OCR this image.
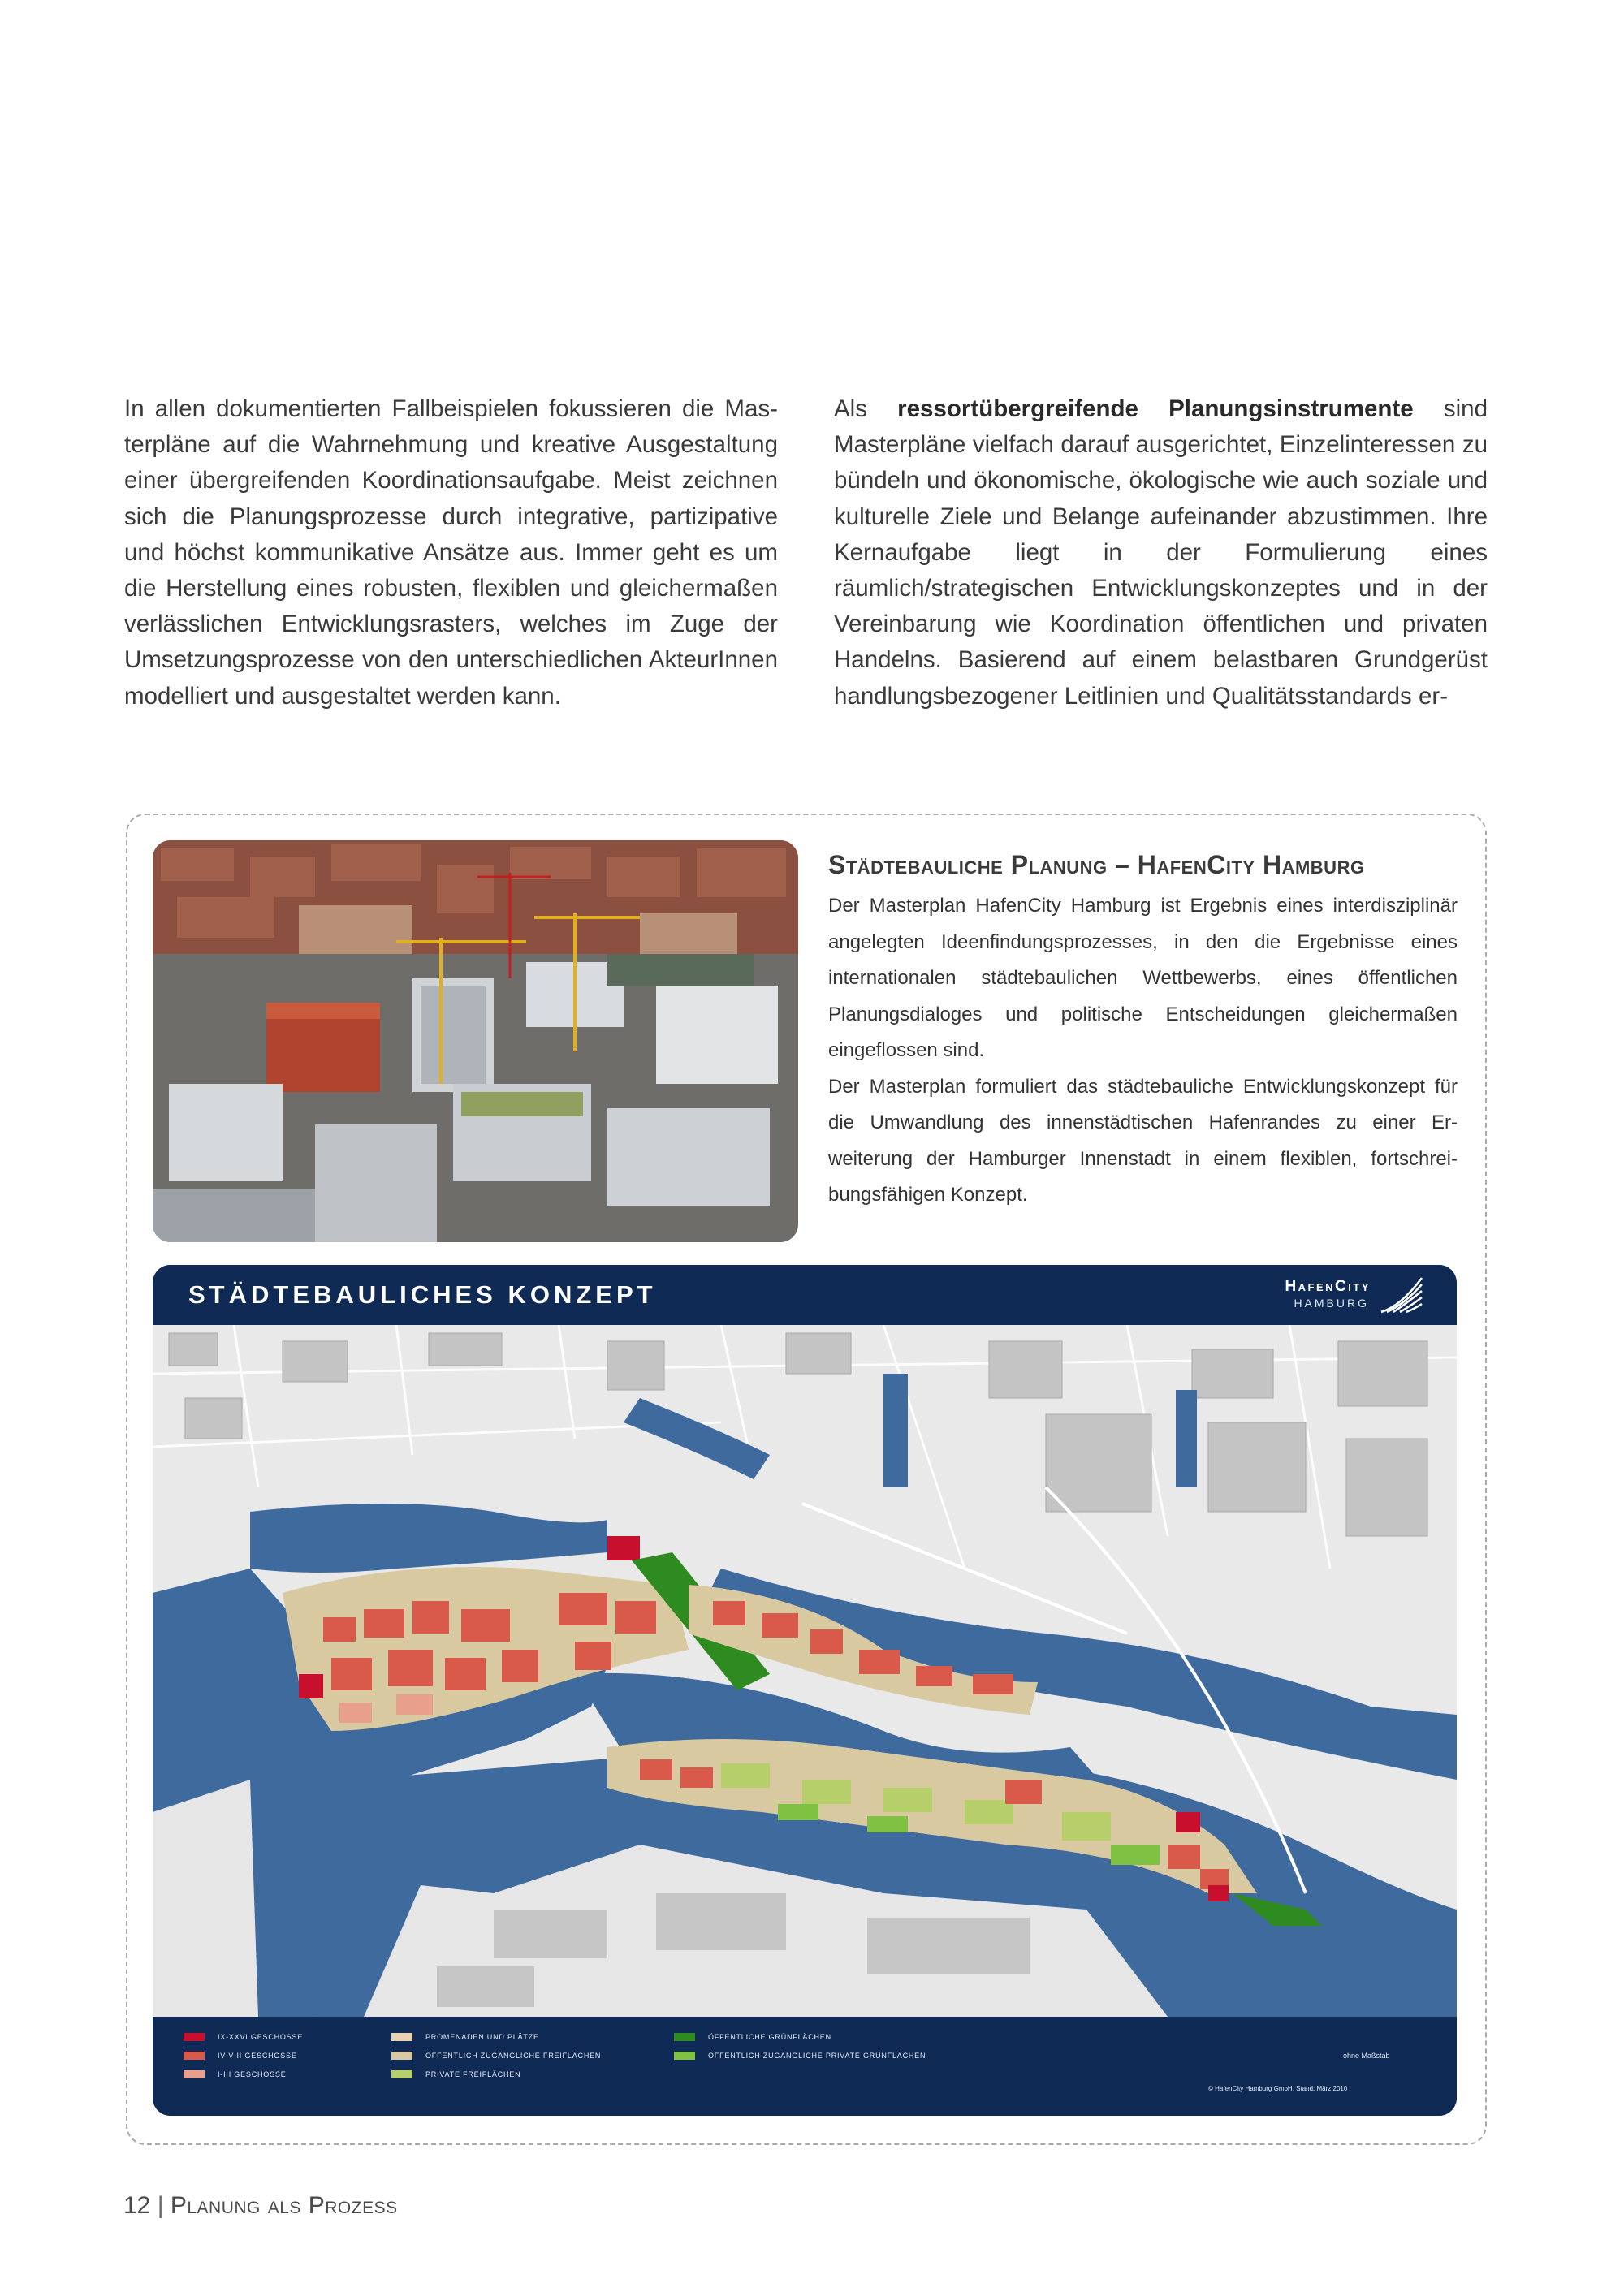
In allen dokumentierten Fallbeispielen fokussieren die Masterpläne auf die Wahrnehmung und kreative Ausgestaltung einer übergreifenden Koordinationsaufgabe. Meist zeichnen sich die Planungsprozesse durch integrative, partizipative und höchst kommunikative Ansätze aus. Immer geht es um die Herstellung eines robusten, flexiblen und gleichermaßen verlässlichen Entwicklungsrasters, welches im Zuge der Umsetzungsprozesse von den unterschiedlichen AkteurInnen modelliert und ausgestaltet werden kann.

Als ressortübergreifende Planungsinstrumente sind Masterpläne vielfach darauf ausgerichtet, Einzelinteressen zu bündeln und ökonomische, ökologische wie auch soziale und kulturelle Ziele und Belange aufeinander abzustimmen. Ihre Kernaufgabe liegt in der Formulierung eines räumlich/strategischen Entwicklungskonzeptes und in der Vereinbarung wie Koordination öffentlichen und privaten Handelns. Basierend auf einem belastbaren Grundgerüst handlungsbezogener Leitlinien und Qualitätsstandards er-

Städtebauliche Planung – HafenCity Hamburg

Der Masterplan HafenCity Hamburg ist Ergebnis eines interdisziplinär angelegten Ideenfindungsprozesses, in den die Ergebnisse eines internationalen städtebaulichen Wettbewerbs, eines öffentlichen Planungsdialoges und politische Entscheidungen gleichermaßen eingeflossen sind.

Der Masterplan formuliert das städtebauliche Entwicklungskonzept für die Umwandlung des innenstädtischen Hafenrandes zu einer Erweiterung der Hamburger Innenstadt in einem flexiblen, fortschreibungsfähigen Konzept.

STÄDTEBAULICHES KONZEPT	HafenCity
HAMBURG
IX-XXVI GESCHOSSE
IV-VIII GESCHOSSE
I-III GESCHOSSE
PROMENADEN UND PLÄTZE
ÖFFENTLICH ZUGÄNGLICHE FREIFLÄCHEN
PRIVATE FREIFLÄCHEN
ÖFFENTLICHE GRÜNFLÄCHEN
ÖFFENTLICH ZUGÄNGLICHE PRIVATE GRÜNFLÄCHEN	ohne Maßstab
© HafenCity Hamburg GmbH, Stand: März 2010
12 | Planung als Prozess
